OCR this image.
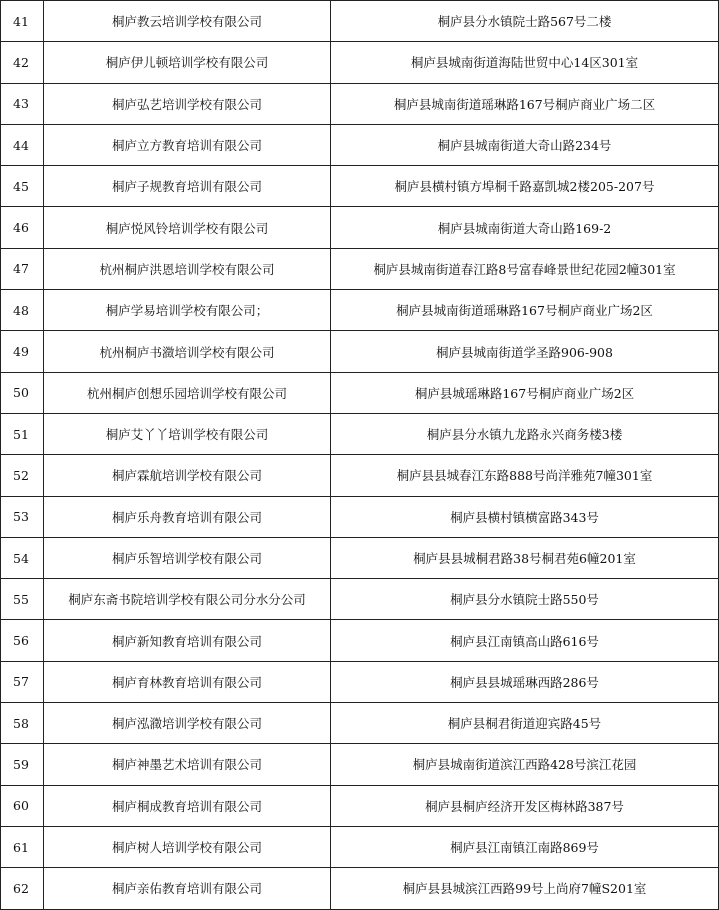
41	桐庐教云培训学校有限公司	桐庐县分水镇院士路567号二楼
42	桐庐伊儿顿培训学校有限公司	桐庐县城南街道海陆世贸中心14区301室
43	桐庐弘艺培训学校有限公司	桐庐县城南街道瑶琳路167号桐庐商业广场二区
44	桐庐立方教育培训有限公司	桐庐县城南街道大奇山路234号
45	桐庐子规教育培训有限公司	桐庐县横村镇方埠桐千路嘉凯城2楼205-207号
46	桐庐悦风铃培训学校有限公司	桐庐县城南街道大奇山路169-2
47	杭州桐庐洪恩培训学校有限公司	桐庐县城南街道春江路8号富春峰景世纪花园2幢301室
48	桐庐学易培训学校有限公司；	桐庐县城南街道瑶琳路167号桐庐商业广场2区
49	杭州桐庐书瀓培训学校有限公司	桐庐县城南街道学圣路906-908
50	杭州桐庐创想乐园培训学校有限公司	桐庐县城瑶琳路167号桐庐商业广场2区
51	桐庐艾丫丫培训学校有限公司	桐庐县分水镇九龙路永兴商务楼3楼
52	桐庐霖航培训学校有限公司	桐庐县县城春江东路888号尚洋雅苑7幢301室
53	桐庐乐舟教育培训有限公司	桐庐县横村镇横富路343号
54	桐庐乐智培训学校有限公司	桐庐县县城桐君路38号桐君苑6幢201室
55	桐庐东斋书院培训学校有限公司分水分公司	桐庐县分水镇院士路550号
56	桐庐新知教育培训有限公司	桐庐县江南镇高山路616号
57	桐庐育林教育培训有限公司	桐庐县县城瑶琳西路286号
58	桐庐泓瀓培训学校有限公司	桐庐县桐君街道迎宾路45号
59	桐庐神墨艺术培训有限公司	桐庐县城南街道滨江西路428号滨江花园
60	桐庐桐成教育培训有限公司	桐庐县桐庐经济开发区梅林路387号
61	桐庐树人培训学校有限公司	桐庐县江南镇江南路869号
62	桐庐亲佑教育培训有限公司	桐庐县县城滨江西路99号上尚府7幢S201室
